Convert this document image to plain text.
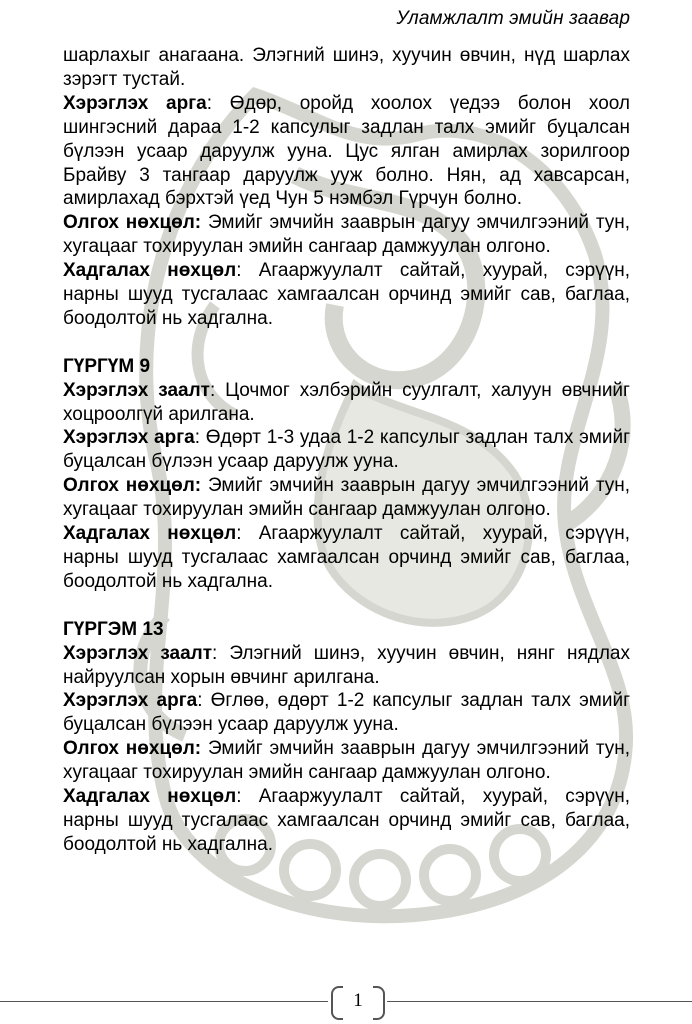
Уламжлалт эмийн заавар

шарлахыг анагаана. Элэгний шинэ, хуучин өвчин, нүд шарлах зэрэгт тустай.

Хэрэглэх арга: Өдөр, оройд хоолох үедээ болон хоол шингэсний дараа 1-2 капсулыг задлан талх эмийг буцалсан бүлээн усаар даруулж ууна. Цус ялган амирлах зорилгоор Брайву 3 тангаар даруулж ууж болно. Нян, ад хавсарсан, амирлахад бэрхтэй үед Чун 5 нэмбэл Гүрчун болно.

Олгох нөхцөл: Эмийг эмчийн зааврын дагуу эмчилгээний тун, хугацааг тохируулан эмийн сангаар дамжуулан олгоно.

Хадгалах нөхцөл: Агааржуулалт сайтай, хуурай, сэрүүн, нарны шууд тусгалаас хамгаалсан орчинд эмийг сав, баглаа, боодолтой нь хадгална.

ГҮРГҮМ 9

Хэрэглэх заалт: Цочмог хэлбэрийн суулгалт, халуун өвчнийг хоцроолгүй арилгана.

Хэрэглэх арга: Өдөрт 1-3 удаа 1-2 капсулыг задлан талх эмийг буцалсан бүлээн усаар даруулж ууна.

Олгох нөхцөл: Эмийг эмчийн зааврын дагуу эмчилгээний тун, хугацааг тохируулан эмийн сангаар дамжуулан олгоно.

Хадгалах нөхцөл: Агааржуулалт сайтай, хуурай, сэрүүн, нарны шууд тусгалаас хамгаалсан орчинд эмийг сав, баглаа, боодолтой нь хадгална.

ГҮРГЭМ 13

Хэрэглэх заалт: Элэгний шинэ, хуучин өвчин, нянг нядлах найруулсан хорын өвчинг арилгана.

Хэрэглэх арга: Өглөө, өдөрт 1-2 капсулыг задлан талх эмийг буцалсан бүлээн усаар даруулж ууна.

Олгох нөхцөл: Эмийг эмчийн зааврын дагуу эмчилгээний тун, хугацааг тохируулан эмийн сангаар дамжуулан олгоно.

Хадгалах нөхцөл: Агааржуулалт сайтай, хуурай, сэрүүн, нарны шууд тусгалаас хамгаалсан орчинд эмийг сав, баглаа, боодолтой нь хадгална.

1
